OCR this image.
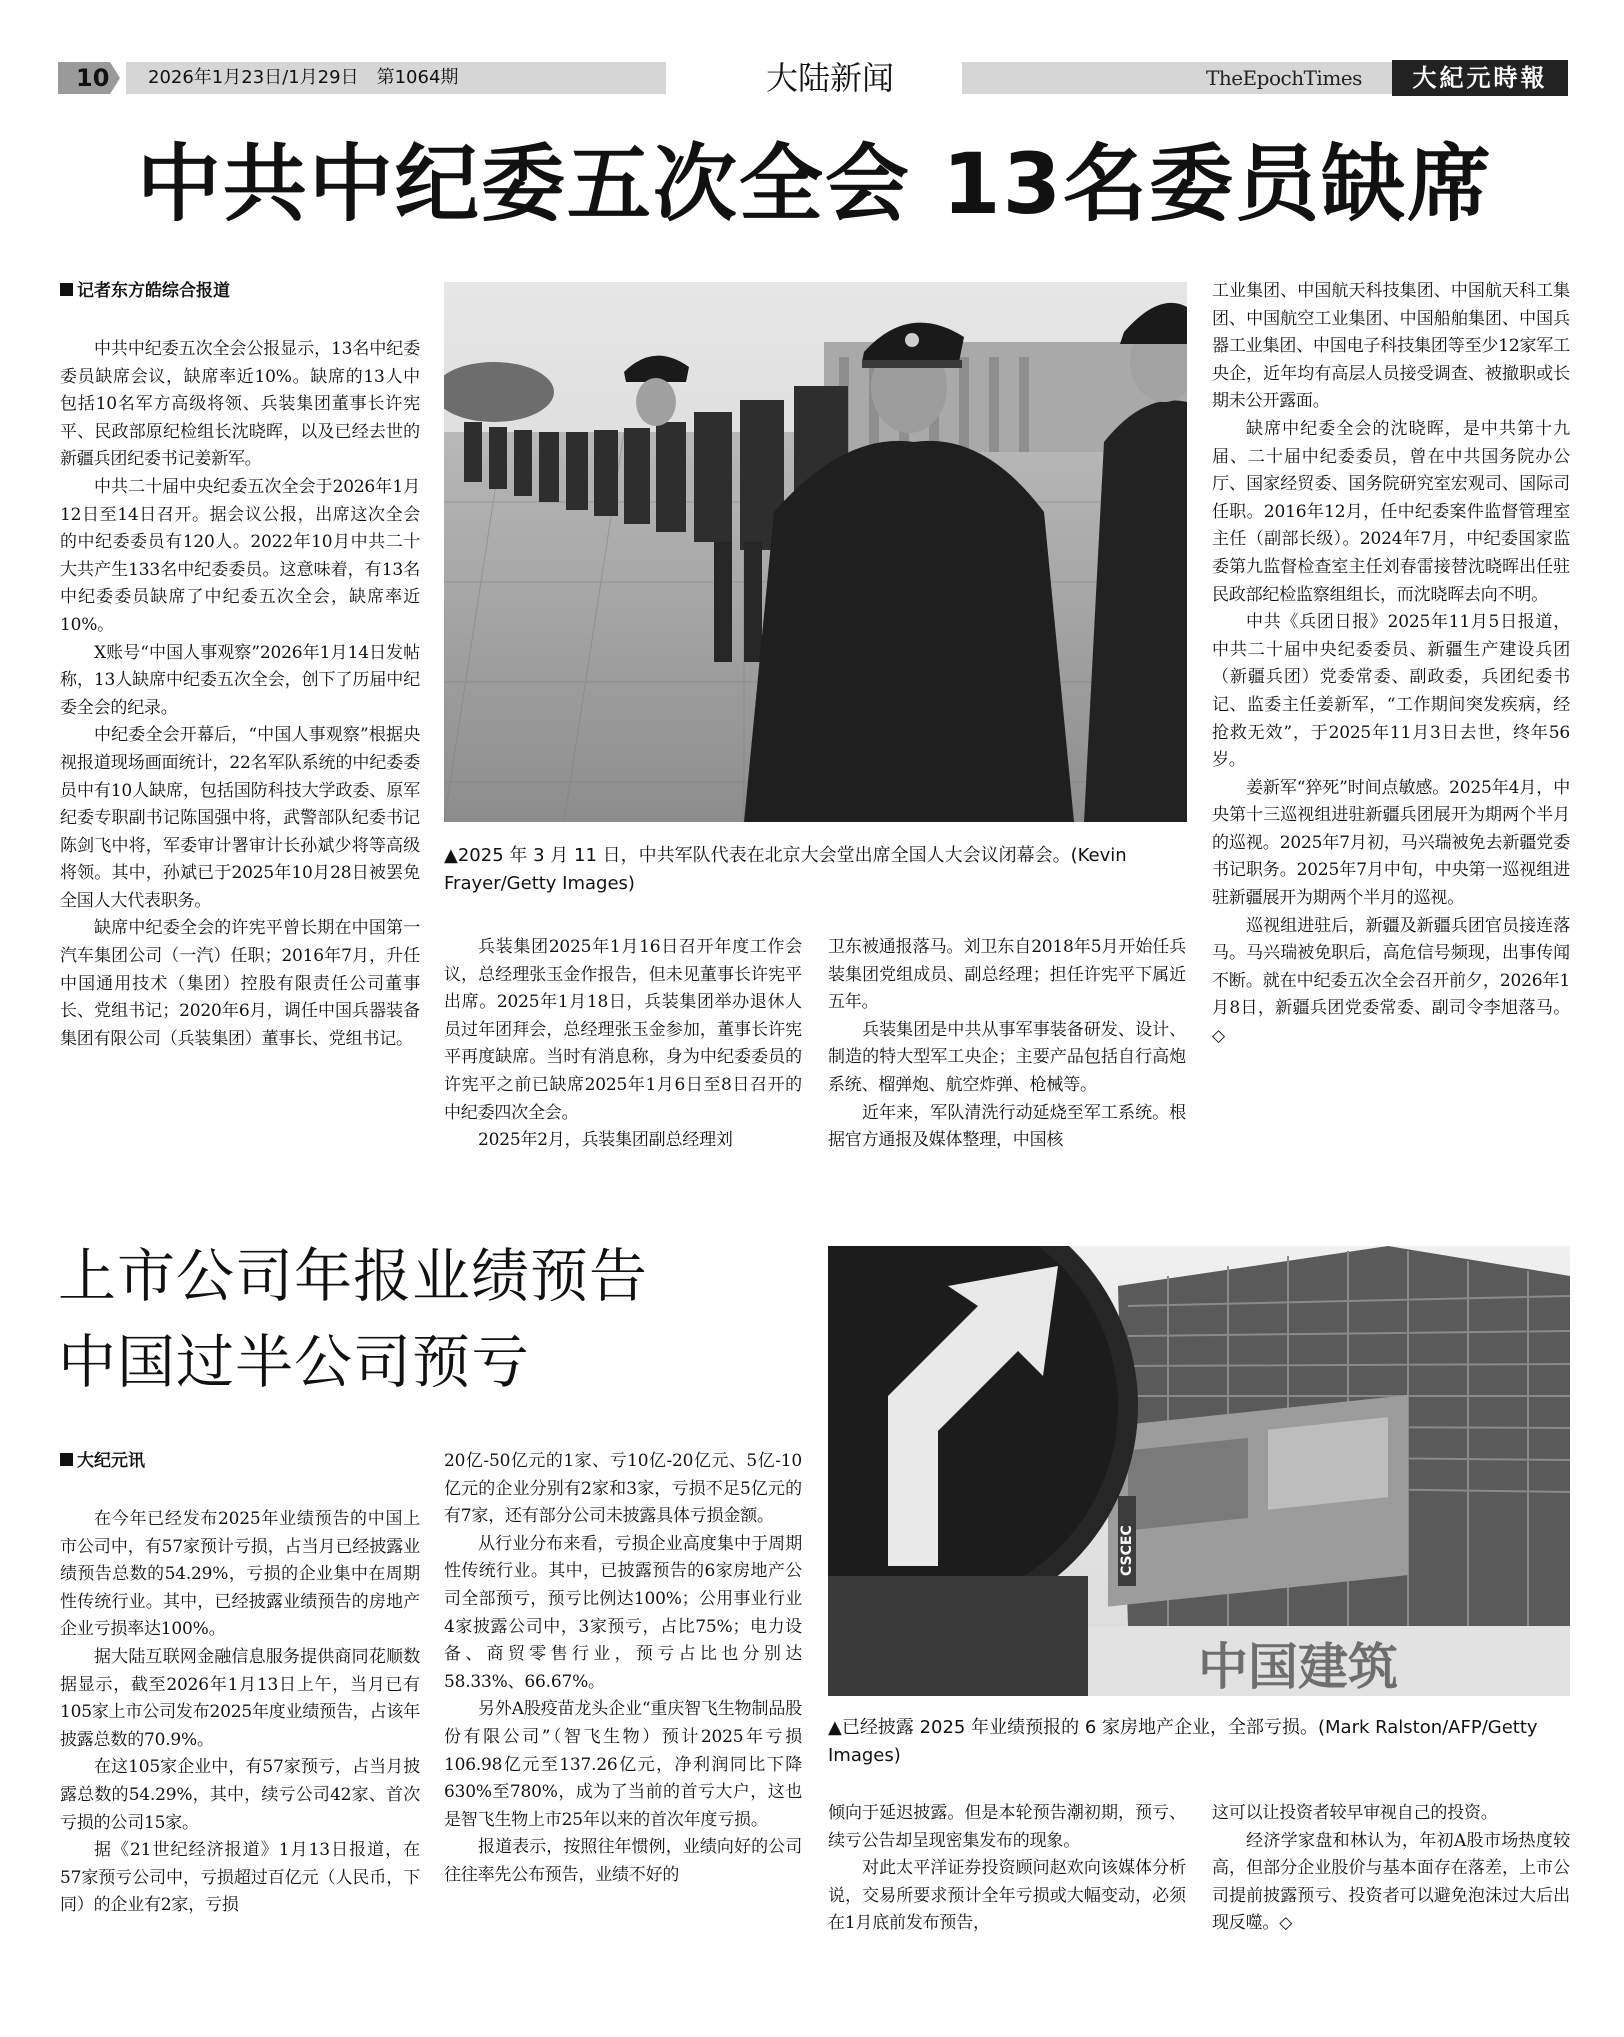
10	2026年1月23日/1月29日　第1064期	大陆新闻	TheEpochTimes	大紀元時報
中共中纪委五次全会 13名委员缺席
记者东方皓综合报道

中共中纪委五次全会公报显示，13名中纪委委员缺席会议，缺席率近10%。缺席的13人中包括10名军方高级将领、兵装集团董事长许宪平、民政部原纪检组长沈晓晖，以及已经去世的新疆兵团纪委书记姜新军。

中共二十届中央纪委五次全会于2026年1月12日至14日召开。据会议公报，出席这次全会的中纪委委员有120人。2022年10月中共二十大共产生133名中纪委委员。这意味着，有13名中纪委委员缺席了中纪委五次全会，缺席率近10%。

X账号“中国人事观察”2026年1月14日发帖称，13人缺席中纪委五次全会，创下了历届中纪委全会的纪录。

中纪委全会开幕后，“中国人事观察”根据央视报道现场画面统计，22名军队系统的中纪委委员中有10人缺席，包括国防科技大学政委、原军纪委专职副书记陈国强中将，武警部队纪委书记陈剑飞中将，军委审计署审计长孙斌少将等高级将领。其中，孙斌已于2025年10月28日被罢免全国人大代表职务。

缺席中纪委全会的许宪平曾长期在中国第一汽车集团公司（一汽）任职；2016年7月，升任中国通用技术（集团）控股有限责任公司董事长、党组书记；2020年6月，调任中国兵器装备集团有限公司（兵装集团）董事长、党组书记。

▲2025 年 3 月 11 日，中共军队代表在北京大会堂出席全国人大会议闭幕会。(Kevin Frayer/Getty Images)

兵装集团2025年1月16日召开年度工作会议，总经理张玉金作报告，但未见董事长许宪平出席。2025年1月18日，兵装集团举办退休人员过年团拜会，总经理张玉金参加，董事长许宪平再度缺席。当时有消息称，身为中纪委委员的许宪平之前已缺席2025年1月6日至8日召开的中纪委四次全会。

2025年2月，兵装集团副总经理刘

卫东被通报落马。刘卫东自2018年5月开始任兵装集团党组成员、副总经理；担任许宪平下属近五年。

兵装集团是中共从事军事装备研发、设计、制造的特大型军工央企；主要产品包括自行高炮系统、榴弹炮、航空炸弹、枪械等。

近年来，军队清洗行动延烧至军工系统。根据官方通报及媒体整理，中国核

工业集团、中国航天科技集团、中国航天科工集团、中国航空工业集团、中国船舶集团、中国兵器工业集团、中国电子科技集团等至少12家军工央企，近年均有高层人员接受调查、被撤职或长期未公开露面。

缺席中纪委全会的沈晓晖，是中共第十九届、二十届中纪委委员，曾在中共国务院办公厅、国家经贸委、国务院研究室宏观司、国际司任职。2016年12月，任中纪委案件监督管理室主任（副部长级）。2024年7月，中纪委国家监委第九监督检查室主任刘春雷接替沈晓晖出任驻民政部纪检监察组组长，而沈晓晖去向不明。

中共《兵团日报》2025年11月5日报道，中共二十届中央纪委委员、新疆生产建设兵团（新疆兵团）党委常委、副政委，兵团纪委书记、监委主任姜新军，“工作期间突发疾病，经抢救无效”，于2025年11月3日去世，终年56岁。

姜新军“猝死”时间点敏感。2025年4月，中央第十三巡视组进驻新疆兵团展开为期两个半月的巡视。2025年7月初，马兴瑞被免去新疆党委书记职务。2025年7月中旬，中央第一巡视组进驻新疆展开为期两个半月的巡视。

巡视组进驻后，新疆及新疆兵团官员接连落马。马兴瑞被免职后，高危信号频现，出事传闻不断。就在中纪委五次全会召开前夕，2026年1月8日，新疆兵团党委常委、副司令李旭落马。◇

上市公司年报业绩预告
中国过半公司预亏
大纪元讯

在今年已经发布2025年业绩预告的中国上市公司中，有57家预计亏损，占当月已经披露业绩预告总数的54.29%，亏损的企业集中在周期性传统行业。其中，已经披露业绩预告的房地产企业亏损率达100%。

据大陆互联网金融信息服务提供商同花顺数据显示，截至2026年1月13日上午，当月已有105家上市公司发布2025年度业绩预告，占该年披露总数的70.9%。

在这105家企业中，有57家预亏，占当月披露总数的54.29%，其中，续亏公司42家、首次亏损的公司15家。

据《21世纪经济报道》1月13日报道，在57家预亏公司中，亏损超过百亿元（人民币，下同）的企业有2家，亏损

20亿-50亿元的1家、亏10亿-20亿元、5亿-10亿元的企业分别有2家和3家，亏损不足5亿元的有7家，还有部分公司未披露具体亏损金额。

从行业分布来看，亏损企业高度集中于周期性传统行业。其中，已披露预告的6家房地产公司全部预亏，预亏比例达100%；公用事业行业4家披露公司中，3家预亏，占比75%；电力设备、商贸零售行业，预亏占比也分别达58.33%、66.67%。

另外A股疫苗龙头企业“重庆智飞生物制品股份有限公司”（智飞生物）预计2025年亏损106.98亿元至137.26亿元，净利润同比下降630%至780%，成为了当前的首亏大户，这也是智飞生物上市25年以来的首次年度亏损。

报道表示，按照往年惯例，业绩向好的公司往往率先公布预告，业绩不好的

CSCEC
中国建筑
▲已经披露 2025 年业绩预报的 6 家房地产企业，全部亏损。(Mark Ralston/AFP/Getty Images)

倾向于延迟披露。但是本轮预告潮初期，预亏、续亏公告却呈现密集发布的现象。

对此太平洋证券投资顾问赵欢向该媒体分析说，交易所要求预计全年亏损或大幅变动，必须在1月底前发布预告，

这可以让投资者较早审视自己的投资。

经济学家盘和林认为，年初A股市场热度较高，但部分企业股价与基本面存在落差，上市公司提前披露预亏、投资者可以避免泡沫过大后出现反噬。◇
